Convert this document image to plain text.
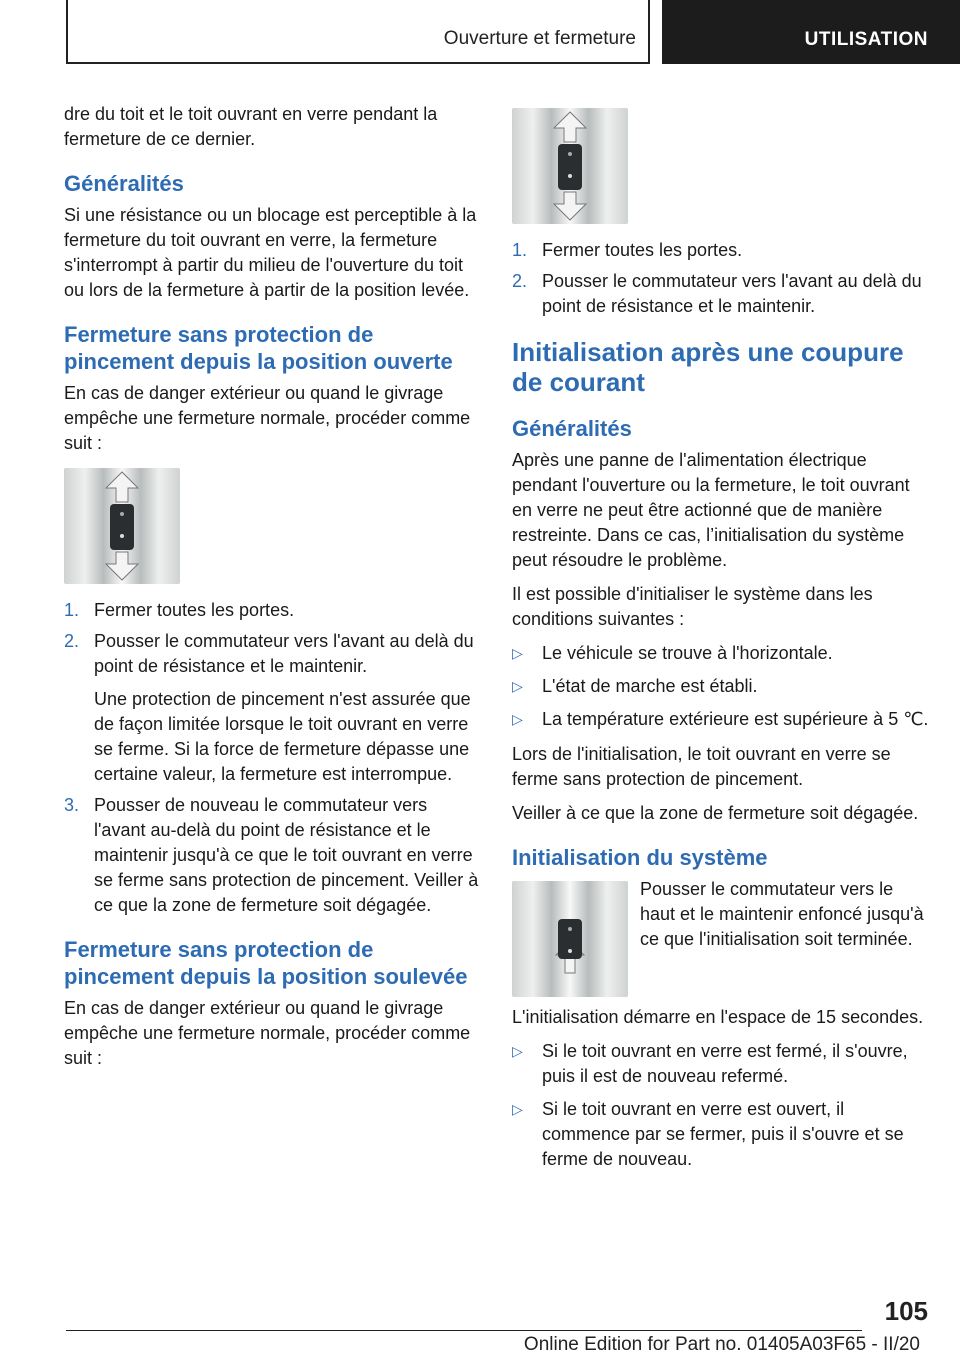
Ouverture et fermeture	UTILISATION

dre du toit et le toit ouvrant en verre pendant la fermeture de ce dernier.

Généralités

Si une résistance ou un blocage est perceptible à la fermeture du toit ouvrant en verre, la fermeture s'interrompt à partir du milieu de l'ouverture du toit ou lors de la fermeture à partir de la position levée.

Fermeture sans protection de pincement depuis la position ouverte

En cas de danger extérieur ou quand le givrage empêche une fermeture normale, procéder comme suit :

1. Fermer toutes les portes.
2. Pousser le commutateur vers l'avant au delà du point de résistance et le maintenir.
Une protection de pincement n'est assurée que de façon limitée lorsque le toit ouvrant en verre se ferme. Si la force de fermeture dépasse une certaine valeur, la fermeture est interrompue.
3. Pousser de nouveau le commutateur vers l'avant au-delà du point de résistance et le maintenir jusqu'à ce que le toit ouvrant en verre se ferme sans protection de pincement. Veiller à ce que la zone de fermeture soit dégagée.
Fermeture sans protection de pincement depuis la position soulevée

En cas de danger extérieur ou quand le givrage empêche une fermeture normale, procéder comme suit :

1. Fermer toutes les portes.
2. Pousser le commutateur vers l'avant au delà du point de résistance et le maintenir.
Initialisation après une coupure de courant
Généralités

Après une panne de l'alimentation électrique pendant l'ouverture ou la fermeture, le toit ouvrant en verre ne peut être actionné que de manière restreinte. Dans ce cas, l’initialisation du système peut résoudre le problème.

Il est possible d'initialiser le système dans les conditions suivantes :

▷ Le véhicule se trouve à l'horizontale.
▷ L'état de marche est établi.
▷ La température extérieure est supérieure à 5 ℃.

Lors de l'initialisation, le toit ouvrant en verre se ferme sans protection de pincement.

Veiller à ce que la zone de fermeture soit dégagée.

Initialisation du système

Pousser le commutateur vers le haut et le maintenir enfoncé jusqu'à ce que l'initialisation soit terminée.

L'initialisation démarre en l'espace de 15 secondes.

▷ Si le toit ouvrant en verre est fermé, il s'ouvre, puis il est de nouveau refermé.
▷ Si le toit ouvrant en verre est ouvert, il commence par se fermer, puis il s'ouvre et se ferme de nouveau.
105
Online Edition for Part no. 01405A03F65 - II/20
